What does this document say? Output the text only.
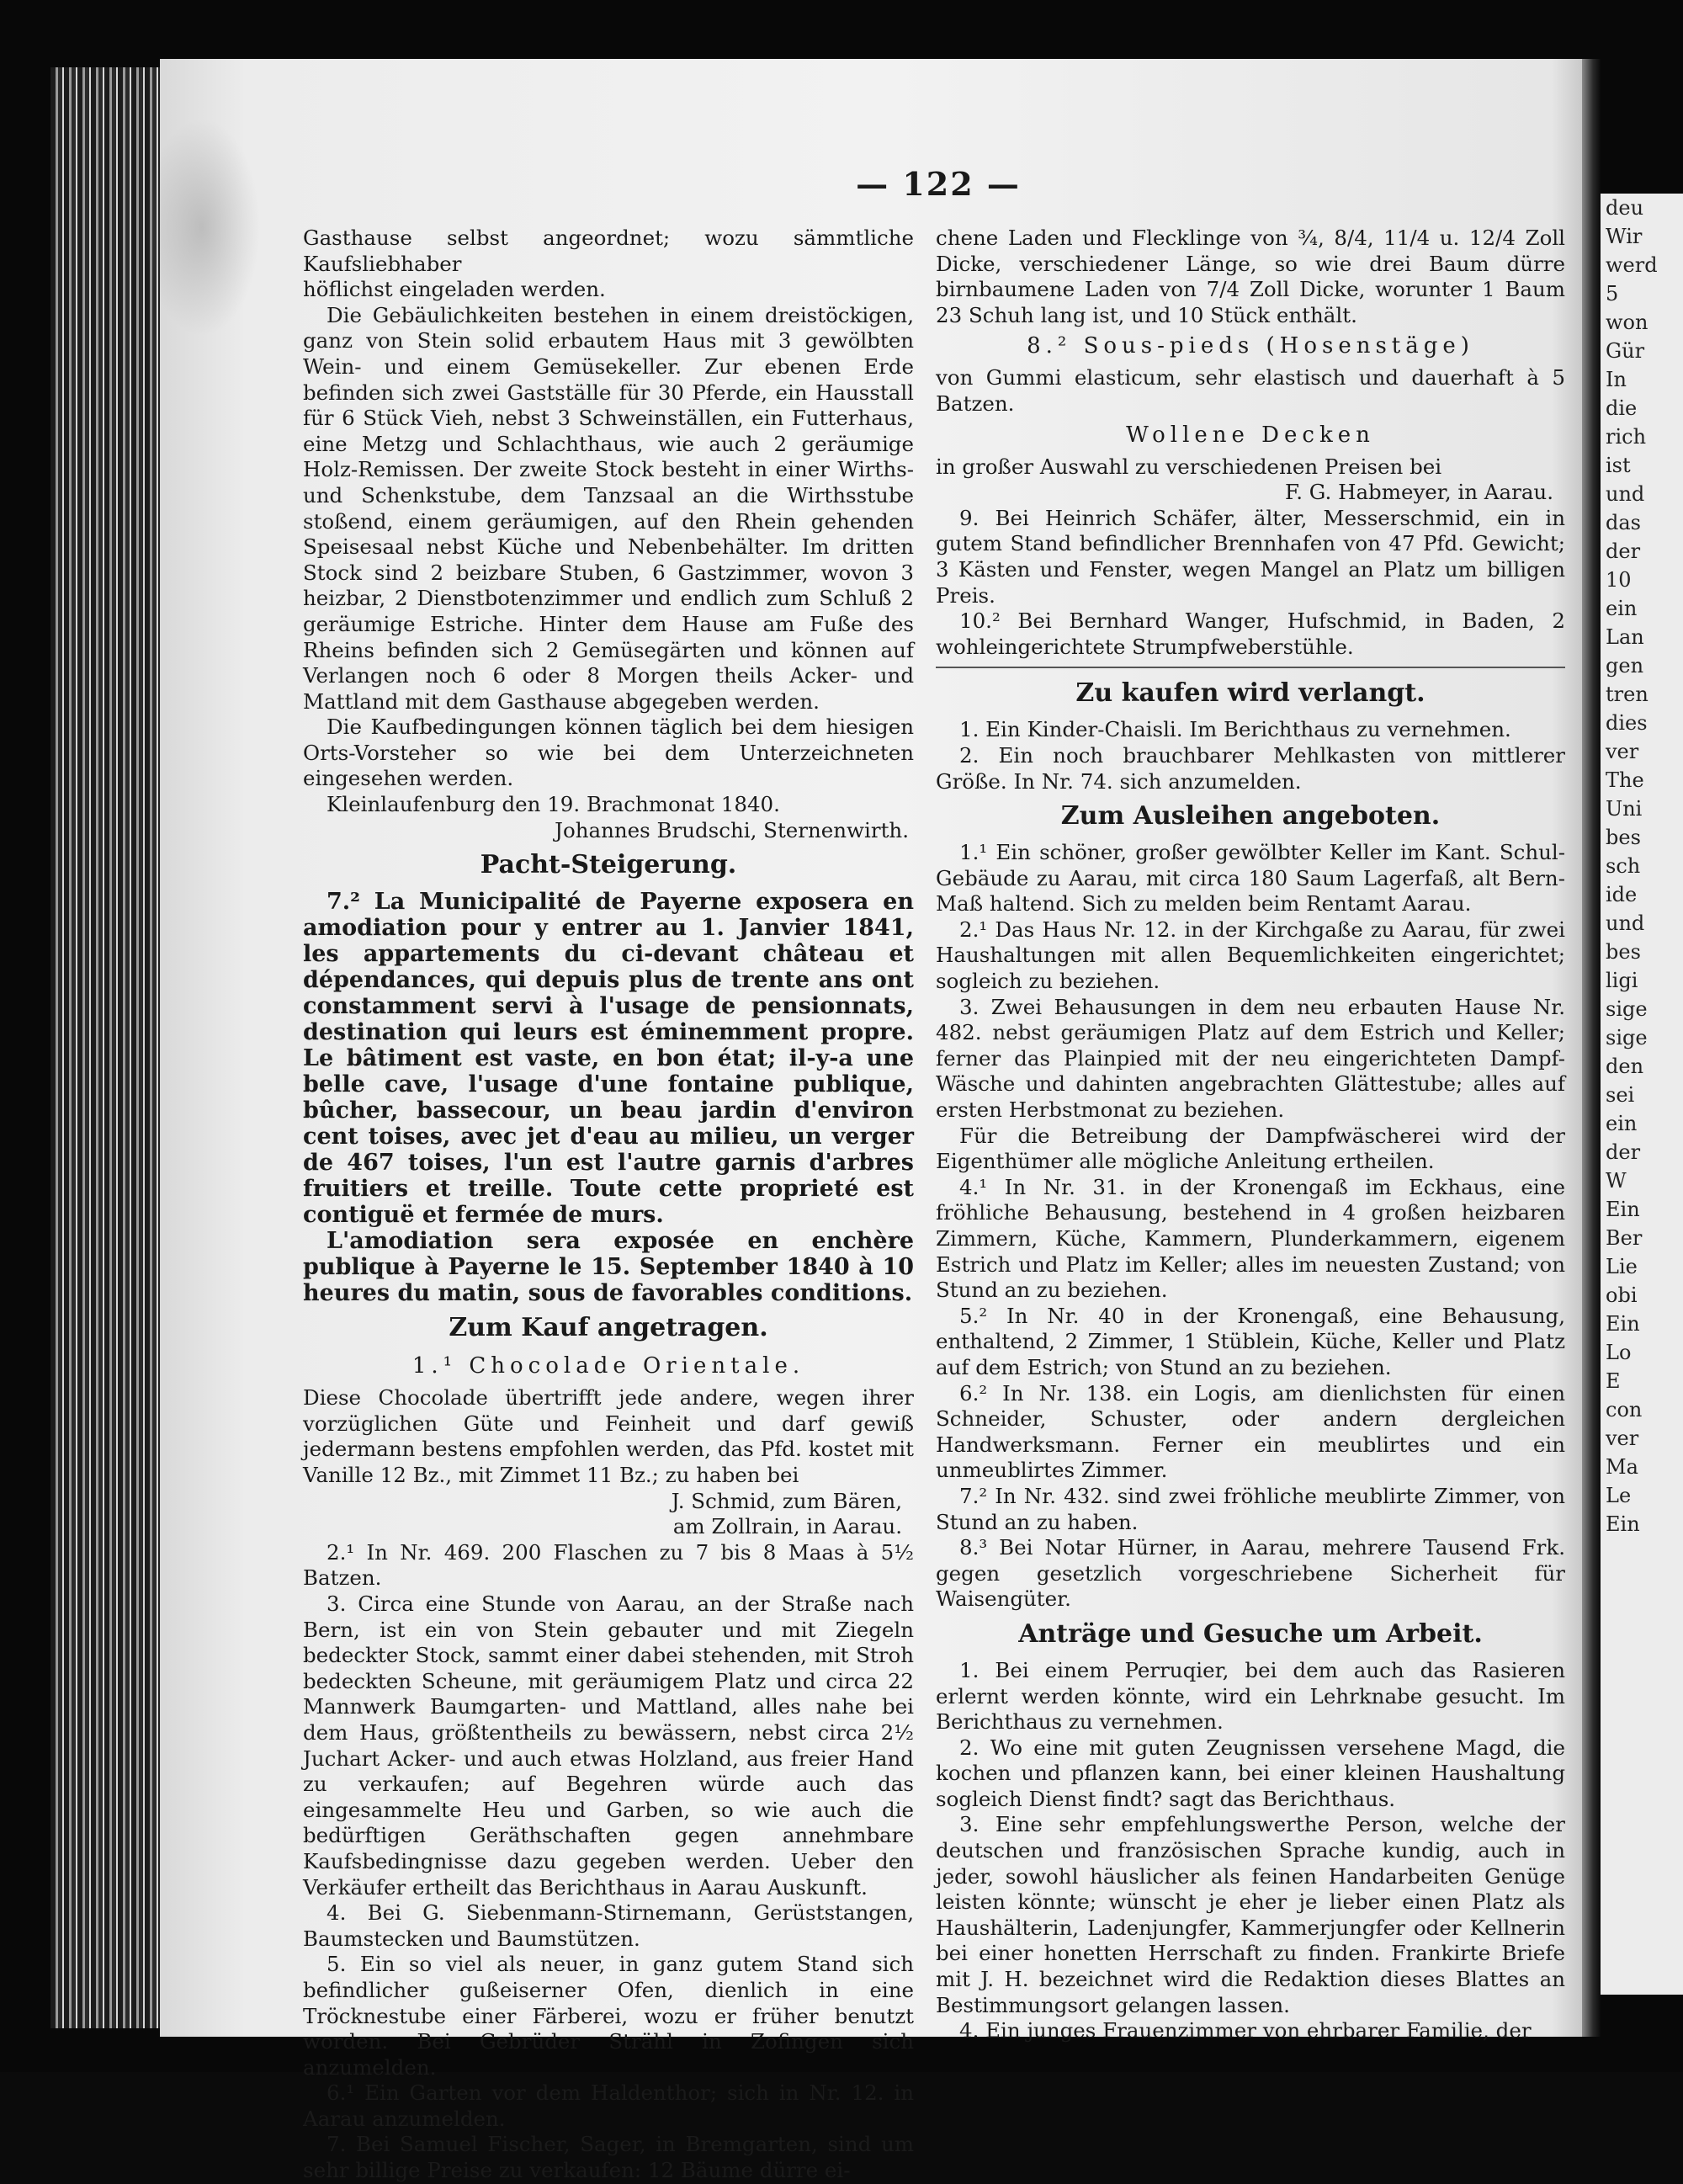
deu
Wir
werd
5
won
Gür
In
die
rich
ist
und
das
der
10
ein
Lan
gen
tren
dies
ver
The
Uni
bes
sch
ide
und
bes
ligi
sige
sige
den
sei
ein
der
W
Ein
Ber
Lie
obi
Ein
Lo
E
con
ver
Ma
Le
Ein
— 122 —

Gasthause selbst angeordnet; wozu sämmtliche Kaufsliebhaber

höflichst eingeladen werden.

Die Gebäulichkeiten bestehen in einem dreistöckigen, ganz von Stein solid erbautem Haus mit 3 gewölbten Wein- und einem Gemüsekeller. Zur ebenen Erde befinden sich zwei Gastställe für 30 Pferde, ein Hausstall für 6 Stück Vieh, nebst 3 Schweinställen, ein Futterhaus, eine Metzg und Schlachthaus, wie auch 2 geräumige Holz-Remissen. Der zweite Stock besteht in einer Wirths- und Schenkstube, dem Tanzsaal an die Wirthsstube stoßend, einem geräumigen, auf den Rhein gehenden Speisesaal nebst Küche und Nebenbehälter. Im dritten Stock sind 2 beizbare Stuben, 6 Gastzimmer, wovon 3 heizbar, 2 Dienstbotenzimmer und endlich zum Schluß 2 geräumige Estriche. Hinter dem Hause am Fuße des Rheins befinden sich 2 Gemüsegärten und können auf Verlangen noch 6 oder 8 Morgen theils Acker- und Mattland mit dem Gasthause abgegeben werden.

Die Kaufbedingungen können täglich bei dem hiesigen Orts-Vorsteher so wie bei dem Unterzeichneten eingesehen werden.

Kleinlaufenburg den 19. Brachmonat 1840.

Johannes Brudschi, Sternenwirth.

Pacht-Steigerung.

7.² La Municipalité de Payerne exposera en amodiation pour y entrer au 1. Janvier 1841, les appartements du ci-devant château et dépendances, qui depuis plus de trente ans ont constamment servi à l'usage de pensionnats, destination qui leurs est éminemment propre. Le bâtiment est vaste, en bon état; il-y-a une belle cave, l'usage d'une fontaine publique, bûcher, bassecour, un beau jardin d'environ cent toises, avec jet d'eau au milieu, un verger de 467 toises, l'un est l'autre garnis d'arbres fruitiers et treille. Toute cette proprieté est contiguë et fermée de murs.

L'amodiation sera exposée en enchère publique à Payerne le 15. September 1840 à 10 heures du matin, sous de favorables conditions.

Zum Kauf angetragen.
1.¹ Chocolade Orientale.

Diese Chocolade übertrifft jede andere, wegen ihrer vorzüglichen Güte und Feinheit und darf gewiß jedermann bestens empfohlen werden, das Pfd. kostet mit Vanille 12 Bz., mit Zimmet 11 Bz.; zu haben bei

J. Schmid, zum Bären,

am Zollrain, in Aarau.

2.¹ In Nr. 469. 200 Flaschen zu 7 bis 8 Maas à 5½ Batzen.

3. Circa eine Stunde von Aarau, an der Straße nach Bern, ist ein von Stein gebauter und mit Ziegeln bedeckter Stock, sammt einer dabei stehenden, mit Stroh bedeckten Scheune, mit geräumigem Platz und circa 22 Mannwerk Baumgarten- und Mattland, alles nahe bei dem Haus, größtentheils zu bewässern, nebst circa 2½ Juchart Acker- und auch etwas Holzland, aus freier Hand zu verkaufen; auf Begehren würde auch das eingesammelte Heu und Garben, so wie auch die bedürftigen Geräthschaften gegen annehmbare Kaufsbedingnisse dazu gegeben werden. Ueber den Verkäufer ertheilt das Berichthaus in Aarau Auskunft.

4. Bei G. Siebenmann-Stirnemann, Gerüststangen, Baumstecken und Baumstützen.

5. Ein so viel als neuer, in ganz gutem Stand sich befindlicher gußeiserner Ofen, dienlich in eine Tröcknestube einer Färberei, wozu er früher benutzt worden. Bei Gebrüder Strähl in Zofingen sich anzumelden.

6.¹ Ein Garten vor dem Haldenthor; sich in Nr. 12. in Aarau anzumelden.

7. Bei Samuel Fischer, Sager, in Bremgarten, sind um sehr billige Preise zu verkaufen: 12 Bäume dürre ei-

chene Laden und Flecklinge von ¾, 8/4, 11/4 u. 12/4 Zoll Dicke, verschiedener Länge, so wie drei Baum dürre birnbaumene Laden von 7/4 Zoll Dicke, worunter 1 Baum 23 Schuh lang ist, und 10 Stück enthält.

8.² Sous-pieds (Hosenstäge)

von Gummi elasticum, sehr elastisch und dauerhaft à 5 Batzen.

Wollene Decken

in großer Auswahl zu verschiedenen Preisen bei

F. G. Habmeyer, in Aarau.

9. Bei Heinrich Schäfer, älter, Messerschmid, ein in gutem Stand befindlicher Brennhafen von 47 Pfd. Gewicht; 3 Kästen und Fenster, wegen Mangel an Platz um billigen Preis.

10.² Bei Bernhard Wanger, Hufschmid, in Baden, 2 wohleingerichtete Strumpfweberstühle.

Zu kaufen wird verlangt.

1. Ein Kinder-Chaisli. Im Berichthaus zu vernehmen.

2. Ein noch brauchbarer Mehlkasten von mittlerer Größe. In Nr. 74. sich anzumelden.

Zum Ausleihen angeboten.

1.¹ Ein schöner, großer gewölbter Keller im Kant. Schul-Gebäude zu Aarau, mit circa 180 Saum Lagerfaß, alt Bern-Maß haltend. Sich zu melden beim Rentamt Aarau.

2.¹ Das Haus Nr. 12. in der Kirchgaße zu Aarau, für zwei Haushaltungen mit allen Bequemlichkeiten eingerichtet; sogleich zu beziehen.

3. Zwei Behausungen in dem neu erbauten Hause Nr. 482. nebst geräumigen Platz auf dem Estrich und Keller; ferner das Plainpied mit der neu eingerichteten Dampf-Wäsche und dahinten angebrachten Glättestube; alles auf ersten Herbstmonat zu beziehen.

Für die Betreibung der Dampfwäscherei wird der Eigenthümer alle mögliche Anleitung ertheilen.

4.¹ In Nr. 31. in der Kronengaß im Eckhaus, eine fröhliche Behausung, bestehend in 4 großen heizbaren Zimmern, Küche, Kammern, Plunderkammern, eigenem Estrich und Platz im Keller; alles im neuesten Zustand; von Stund an zu beziehen.

5.² In Nr. 40 in der Kronengaß, eine Behausung, enthaltend, 2 Zimmer, 1 Stüblein, Küche, Keller und Platz auf dem Estrich; von Stund an zu beziehen.

6.² In Nr. 138. ein Logis, am dienlichsten für einen Schneider, Schuster, oder andern dergleichen Handwerksmann. Ferner ein meublirtes und ein unmeublirtes Zimmer.

7.² In Nr. 432. sind zwei fröhliche meublirte Zimmer, von Stund an zu haben.

8.³ Bei Notar Hürner, in Aarau, mehrere Tausend Frk. gegen gesetzlich vorgeschriebene Sicherheit für Waisengüter.

Anträge und Gesuche um Arbeit.

1. Bei einem Perruqier, bei dem auch das Rasieren erlernt werden könnte, wird ein Lehrknabe gesucht. Im Berichthaus zu vernehmen.

2. Wo eine mit guten Zeugnissen versehene Magd, die kochen und pflanzen kann, bei einer kleinen Haushaltung sogleich Dienst findt? sagt das Berichthaus.

3. Eine sehr empfehlungswerthe Person, welche der deutschen und französischen Sprache kundig, auch in jeder, sowohl häuslicher als feinen Handarbeiten Genüge leisten könnte; wünscht je eher je lieber einen Platz als Haushälterin, Ladenjungfer, Kammerjungfer oder Kellnerin bei einer honetten Herrschaft zu finden. Frankirte Briefe mit J. H. bezeichnet wird die Redaktion dieses Blattes an Bestimmungsort gelangen lassen.

4. Ein junges Frauenzimmer von ehrbarer Familie, der
